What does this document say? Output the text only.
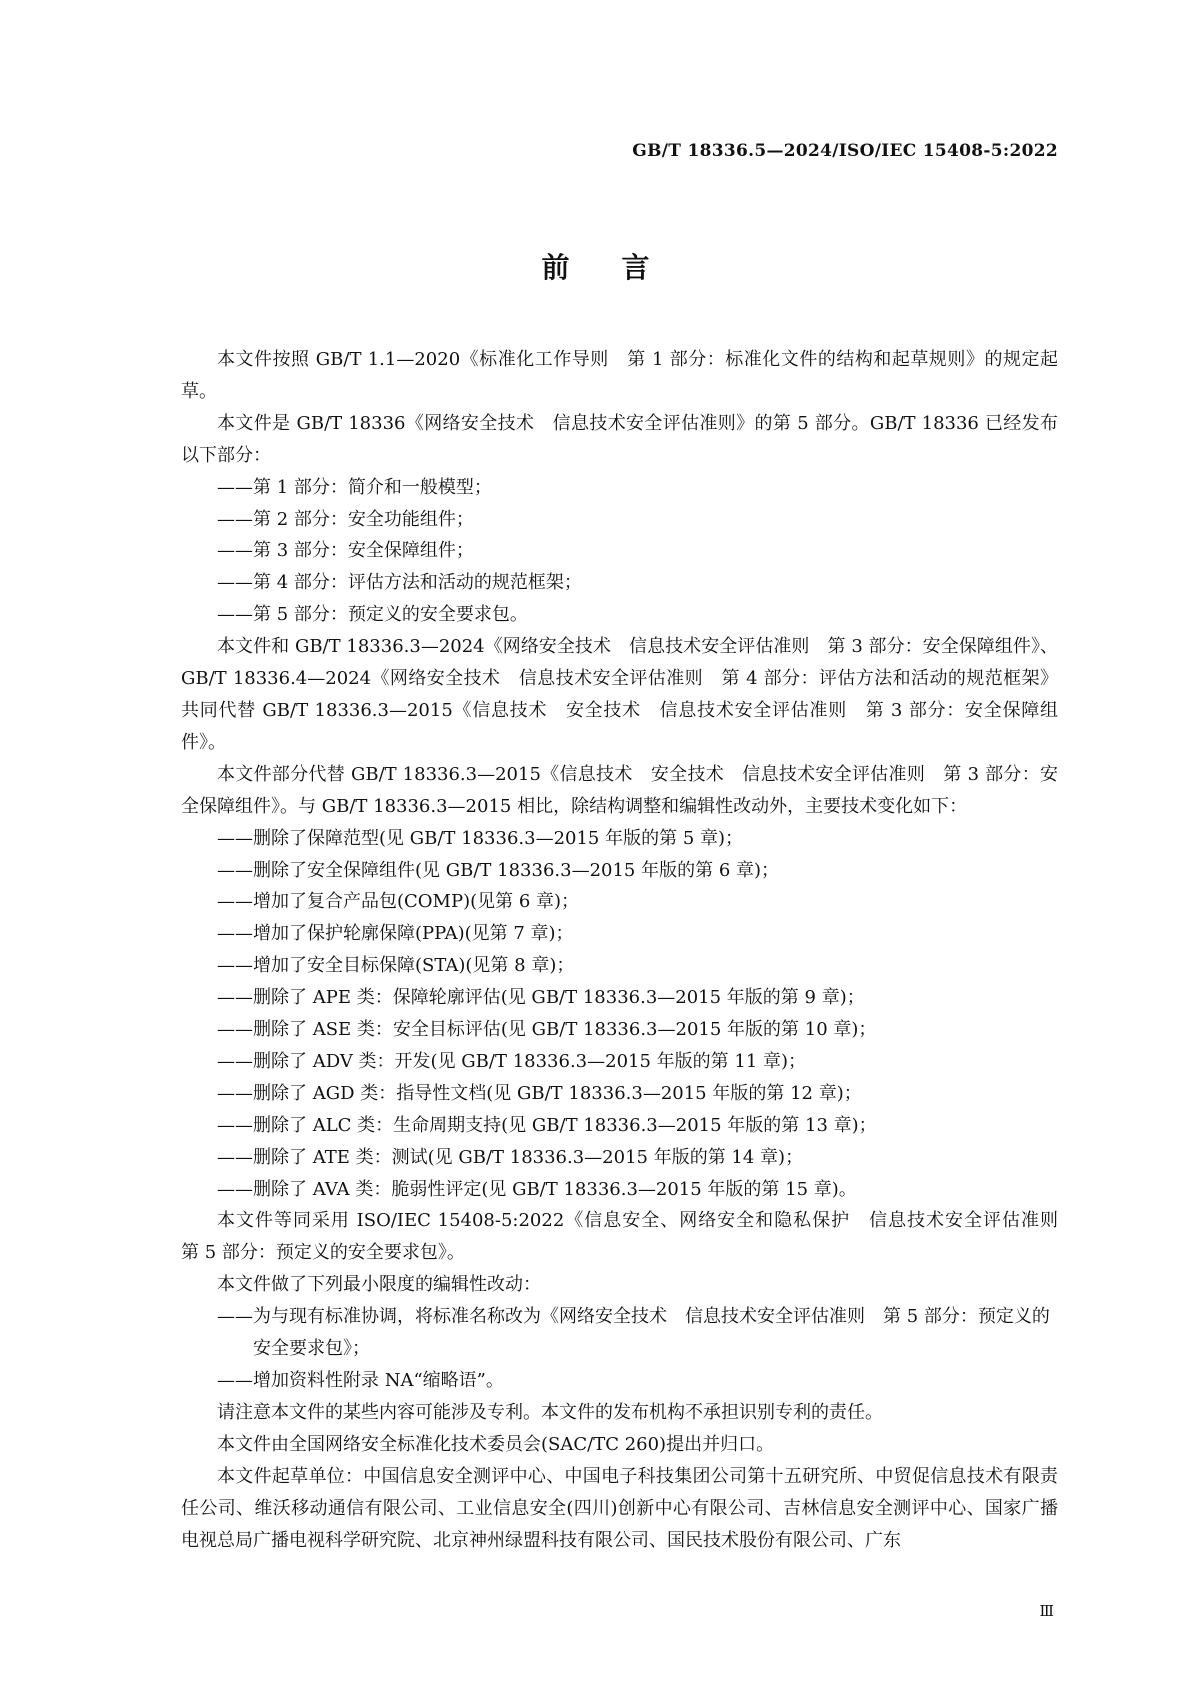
GB/T 18336.5—2024/ISO/IEC 15408-5:2022
前言

本文件按照 GB/T 1.1—2020《标准化工作导则　第 1 部分：标准化文件的结构和起草规则》的规定起草。

本文件是 GB/T 18336《网络安全技术　信息技术安全评估准则》的第 5 部分。GB/T 18336 已经发布以下部分：

——第 1 部分：简介和一般模型；
——第 2 部分：安全功能组件；
——第 3 部分：安全保障组件；
——第 4 部分：评估方法和活动的规范框架；
——第 5 部分：预定义的安全要求包。

本文件和 GB/T 18336.3—2024《网络安全技术　信息技术安全评估准则　第 3 部分：安全保障组件》、GB/T 18336.4—2024《网络安全技术　信息技术安全评估准则　第 4 部分：评估方法和活动的规范框架》共同代替 GB/T 18336.3—2015《信息技术　安全技术　信息技术安全评估准则　第 3 部分：安全保障组件》。

本文件部分代替 GB/T 18336.3—2015《信息技术　安全技术　信息技术安全评估准则　第 3 部分：安全保障组件》。与 GB/T 18336.3—2015 相比，除结构调整和编辑性改动外，主要技术变化如下：

——删除了保障范型(见 GB/T 18336.3—2015 年版的第 5 章)；
——删除了安全保障组件(见 GB/T 18336.3—2015 年版的第 6 章)；
——增加了复合产品包(COMP)(见第 6 章)；
——增加了保护轮廓保障(PPA)(见第 7 章)；
——增加了安全目标保障(STA)(见第 8 章)；
——删除了 APE 类：保障轮廓评估(见 GB/T 18336.3—2015 年版的第 9 章)；
——删除了 ASE 类：安全目标评估(见 GB/T 18336.3—2015 年版的第 10 章)；
——删除了 ADV 类：开发(见 GB/T 18336.3—2015 年版的第 11 章)；
——删除了 AGD 类：指导性文档(见 GB/T 18336.3—2015 年版的第 12 章)；
——删除了 ALC 类：生命周期支持(见 GB/T 18336.3—2015 年版的第 13 章)；
——删除了 ATE 类：测试(见 GB/T 18336.3—2015 年版的第 14 章)；
——删除了 AVA 类：脆弱性评定(见 GB/T 18336.3—2015 年版的第 15 章)。

本文件等同采用 ISO/IEC 15408-5:2022《信息安全、网络安全和隐私保护　信息技术安全评估准则　第 5 部分：预定义的安全要求包》。

本文件做了下列最小限度的编辑性改动：

——为与现有标准协调，将标准名称改为《网络安全技术　信息技术安全评估准则　第 5 部分：预定义的安全要求包》；
——增加资料性附录 NA“缩略语”。

请注意本文件的某些内容可能涉及专利。本文件的发布机构不承担识别专利的责任。

本文件由全国网络安全标准化技术委员会(SAC/TC 260)提出并归口。

本文件起草单位：中国信息安全测评中心、中国电子科技集团公司第十五研究所、中贸促信息技术有限责任公司、维沃移动通信有限公司、工业信息安全(四川)创新中心有限公司、吉林信息安全测评中心、国家广播电视总局广播电视科学研究院、北京神州绿盟科技有限公司、国民技术股份有限公司、广东

Ⅲ
